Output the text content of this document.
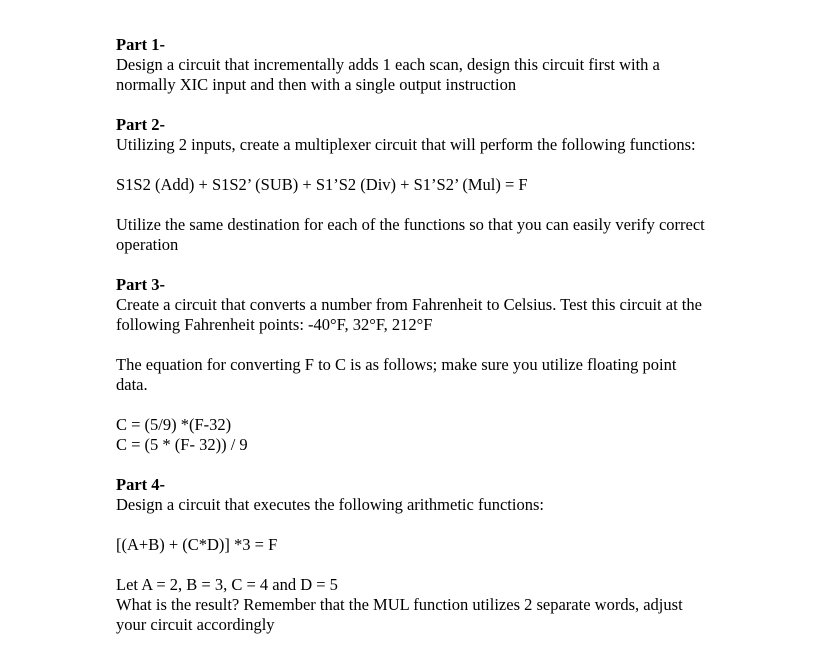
Part 1-

Design a circuit that incrementally adds 1 each scan, design this circuit first with a

normally XIC input and then with a single output instruction

Part 2-

Utilizing 2 inputs, create a multiplexer circuit that will perform the following functions:

S1S2 (Add) + S1S2’ (SUB) + S1’S2 (Div) + S1’S2’ (Mul) = F

Utilize the same destination for each of the functions so that you can easily verify correct

operation

Part 3-

Create a circuit that converts a number from Fahrenheit to Celsius. Test this circuit at the

following Fahrenheit points: -40°F, 32°F, 212°F

The equation for converting F to C is as follows; make sure you utilize floating point

data.

C = (5/9) *(F-32)

C = (5 * (F- 32)) / 9

Part 4-

Design a circuit that executes the following arithmetic functions:

[(A+B) + (C*D)] *3 = F

Let A = 2, B = 3, C = 4 and D = 5

What is the result? Remember that the MUL function utilizes 2 separate words, adjust

your circuit accordingly
